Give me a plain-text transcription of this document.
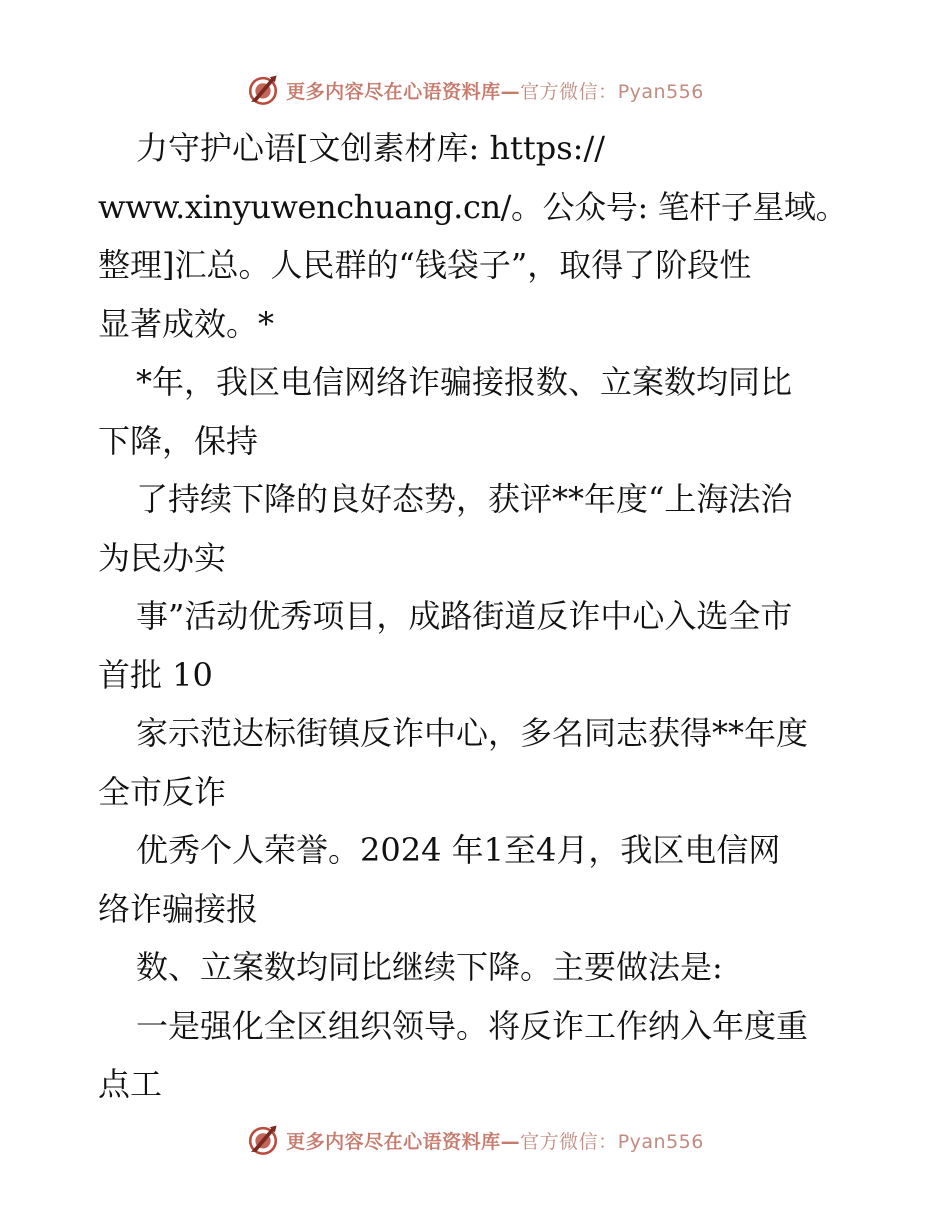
更多内容尽在心语资料库—官方微信：Pyan556
力守护心语[文创素材库: https://
www.xinyuwenchuang.cn/。公众号: 笔杆子星域。
整理]汇总。人民群的“钱袋子”，取得了阶段性
显著成效。*
*年，我区电信网络诈骗接报数、立案数均同比
下降，保持
了持续下降的良好态势，获评**年度“上海法治
为民办实
事”活动优秀项目，成路街道反诈中心入选全市
首批 10
家示范达标街镇反诈中心，多名同志获得**年度
全市反诈
优秀个人荣誉。2024 年1至4月，我区电信网
络诈骗接报
数、立案数均同比继续下降。主要做法是:
一是强化全区组织领导。将反诈工作纳入年度重
点工
更多内容尽在心语资料库—官方微信：Pyan556
